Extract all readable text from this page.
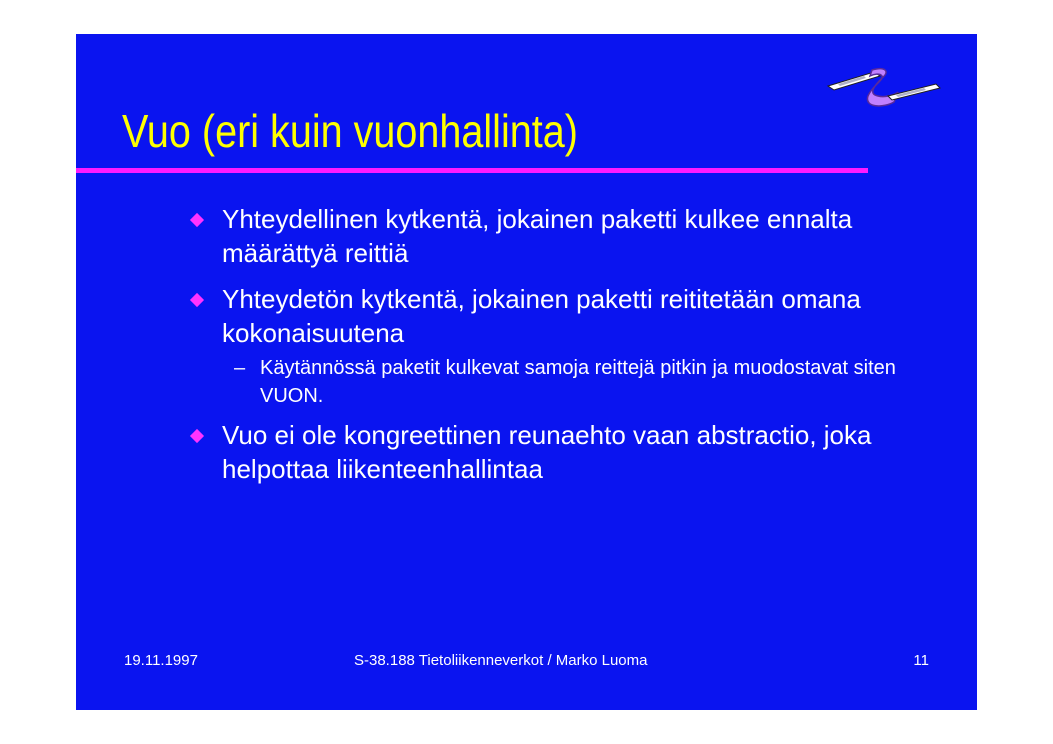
Vuo (eri kuin vuonhallinta)
Yhteydellinen kytkentä, jokainen paketti kulkee ennalta määrättyä reittiä
Yhteydetön kytkentä, jokainen paketti reititetään omana kokonaisuutena
– Käytännössä paketit kulkevat samoja reittejä pitkin ja muodostavat siten VUON.
Vuo ei ole kongreettinen reunaehto vaan abstractio, joka helpottaa liikenteenhallintaa
19.11.1997	S-38.188 Tietoliikenneverkot / Marko Luoma	11
